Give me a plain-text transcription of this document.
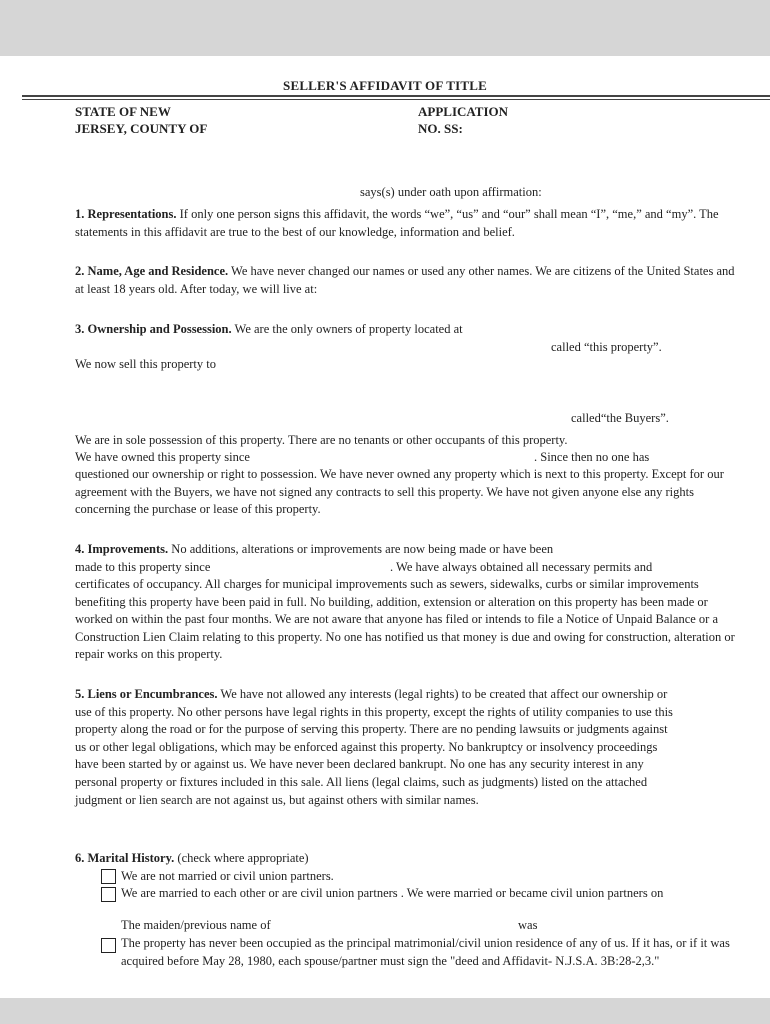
SELLER'S AFFIDAVIT OF TITLE
STATE OF NEW
JERSEY, COUNTY OF
APPLICATION
NO. SS:
says(s) under oath upon affirmation:
1. Representations. If only one person signs this affidavit, the words “we”, “us” and “our” shall mean “I”, “me,” and “my”. The statements in this affidavit are true to the best of our knowledge, information and belief.
2. Name, Age and Residence. We have never changed our names or used any other names. We are citizens of the United States and at least 18 years old. After today, we will live at:
3. Ownership and Possession. We are the only owners of property located at
called “this property”.
We now sell this property to
called“the Buyers”.
We are in sole possession of this property. There are no tenants or other occupants of this property.
We have owned this property since	. Since then no one has
questioned our ownership or right to possession. We have never owned any property which is next to this property. Except for our agreement with the Buyers, we have not signed any contracts to sell this property. We have not given anyone else any rights concerning the purchase or lease of this property.
4. Improvements. No additions, alterations or improvements are now being made or have been
made to this property since	. We have always obtained all necessary permits and
certificates of occupancy. All charges for municipal improvements such as sewers, sidewalks, curbs or similar improvements benefiting this property have been paid in full. No building, addition, extension or alteration on this property has been made or worked on within the past four months. We are not aware that anyone has filed or intends to file a Notice of Unpaid Balance or a Construction Lien Claim relating to this property. No one has notified us that money is due and owing for construction, alteration or repair works on this property.
5. Liens or Encumbrances. We have not allowed any interests (legal rights) to be created that affect our ownership or use of this property. No other persons have legal rights in this property, except the rights of utility companies to use this property along the road or for the purpose of serving this property. There are no pending lawsuits or judgments against us or other legal obligations, which may be enforced against this property. No bankruptcy or insolvency proceedings have been started by or against us. We have never been declared bankrupt. No one has any security interest in any personal property or fixtures included in this sale. All liens (legal claims, such as judgments) listed on the attached judgment or lien search are not against us, but against others with similar names.
6. Marital History. (check where appropriate)
We are not married or civil union partners.
We are married to each other or are civil union partners . We were married or became civil union partners on
The maiden/previous name of	was
The property has never been occupied as the principal matrimonial/civil union residence of any of us. If it has, or if it was acquired before May 28, 1980, each spouse/partner must sign the "deed and Affidavit- N.J.S.A. 3B:28-2,3."
